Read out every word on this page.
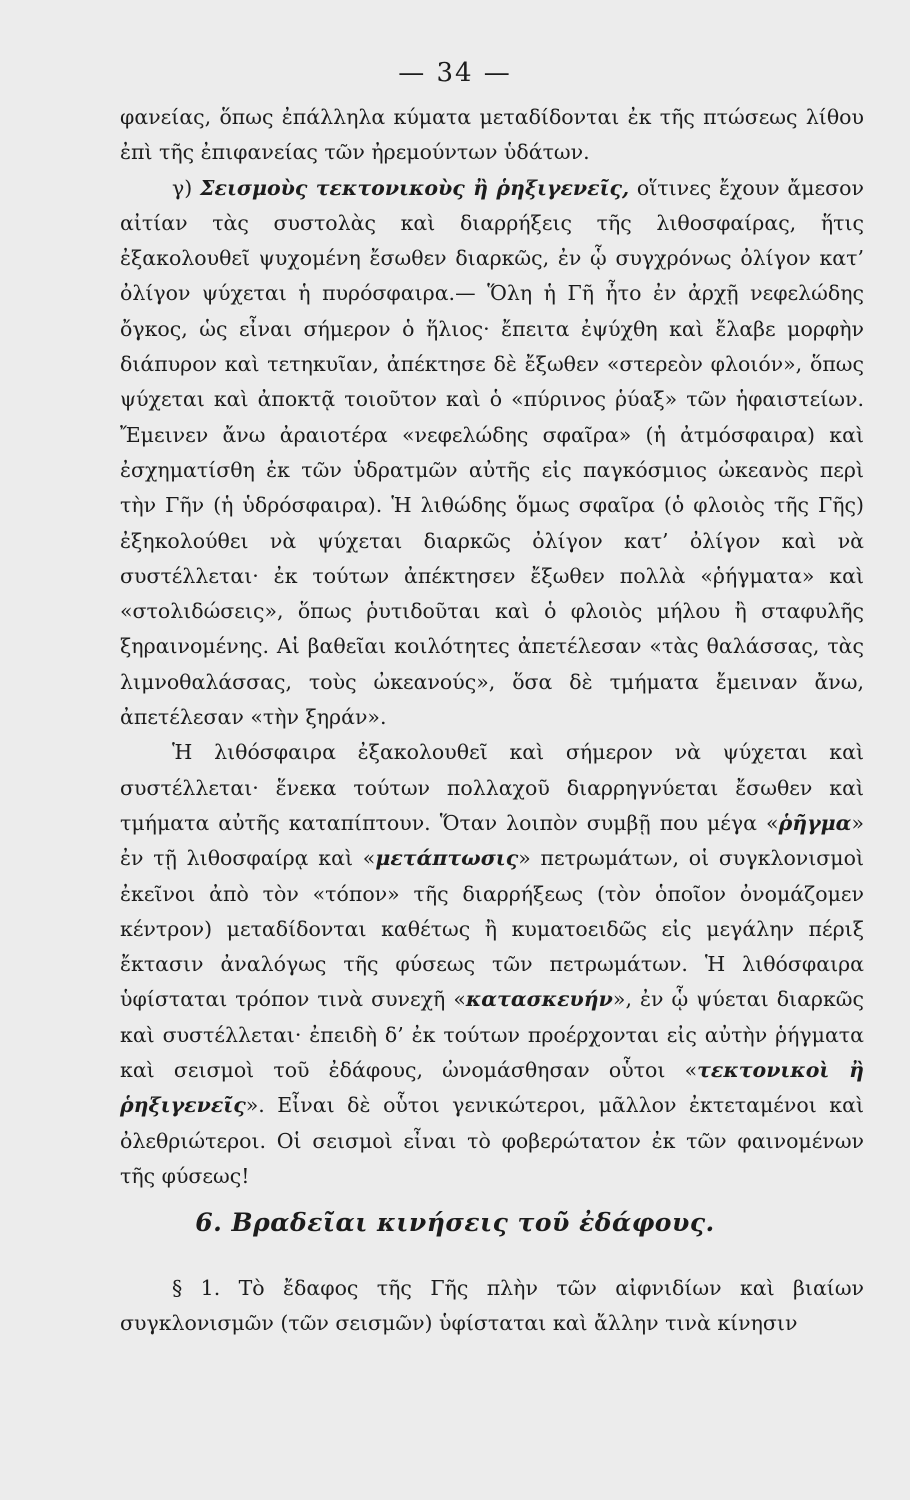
— 34 —

φανείας, ὅπως ἐπάλληλα κύματα μεταδίδονται ἐκ τῆς πτώσεως λίθου ἐπὶ τῆς ἐπιφανείας τῶν ἠρεμούντων ὑδάτων.

γ) Σεισμοὺς τεκτονικοὺς ἢ ῥηξιγενεῖς, οἵτινες ἔχουν ἄμεσον αἰτίαν τὰς συστολὰς καὶ διαρρήξεις τῆς λιθοσφαίρας, ἥτις ἐξακολουθεῖ ψυχομένη ἔσωθεν διαρκῶς, ἐν ᾧ συγχρόνως ὀλίγον κατ’ ὀλίγον ψύχεται ἡ πυρόσφαιρα.— Ὅλη ἡ Γῆ ἦτο ἐν ἀρχῇ νεφελώδης ὄγκος, ὡς εἶναι σήμερον ὁ ἥλιος· ἔπειτα ἐψύχθη καὶ ἔλαβε μορφὴν διάπυρον καὶ τετηκυῖαν, ἀπέκτησε δὲ ἔξωθεν «στερεὸν φλοιόν», ὅπως ψύχεται καὶ ἀποκτᾷ τοιοῦτον καὶ ὁ «πύρινος ῥύαξ» τῶν ἡφαιστείων. Ἔμεινεν ἄνω ἀραιοτέρα «νεφελώδης σφαῖρα» (ἡ ἀτμόσφαιρα) καὶ ἐσχηματίσθη ἐκ τῶν ὑδρατμῶν αὐτῆς εἰς παγκόσμιος ὠκεανὸς περὶ τὴν Γῆν (ἡ ὑδρόσφαιρα). Ἡ λιθώδης ὅμως σφαῖρα (ὁ φλοιὸς τῆς Γῆς) ἐξηκολούθει νὰ ψύχεται διαρκῶς ὀλίγον κατ’ ὀλίγον καὶ νὰ συστέλλεται· ἐκ τούτων ἀπέκτησεν ἔξωθεν πολλὰ «ῥήγματα» καὶ «στολιδώσεις», ὅπως ῥυτιδοῦται καὶ ὁ φλοιὸς μήλου ἢ σταφυλῆς ξηραινομένης. Αἱ βαθεῖαι κοιλότητες ἀπετέλεσαν «τὰς θαλάσσας, τὰς λιμνοθαλάσσας, τοὺς ὠκεανούς», ὅσα δὲ τμήματα ἔμειναν ἄνω, ἀπετέλεσαν «τὴν ξηράν».

Ἡ λιθόσφαιρα ἐξακολουθεῖ καὶ σήμερον νὰ ψύχεται καὶ συστέλλεται· ἕνεκα τούτων πολλαχοῦ διαρρηγνύεται ἔσωθεν καὶ τμήματα αὐτῆς καταπίπτουν. Ὅταν λοιπὸν συμβῇ που μέγα «ῥῆγμα» ἐν τῇ λιθοσφαίρᾳ καὶ «μετάπτωσις» πετρωμάτων, οἱ συγκλονισμοὶ ἐκεῖνοι ἀπὸ τὸν «τόπον» τῆς διαρρήξεως (τὸν ὁποῖον ὀνομάζομεν κέντρον) μεταδίδονται καθέτως ἢ κυματοειδῶς εἰς μεγάλην πέριξ ἔκτασιν ἀναλόγως τῆς φύσεως τῶν πετρωμάτων. Ἡ λιθόσφαιρα ὑφίσταται τρόπον τινὰ συνεχῆ «κατασκευήν», ἐν ᾧ ψύεται διαρκῶς καὶ συστέλλεται· ἐπειδὴ δ’ ἐκ τούτων προέρχονται εἰς αὐτὴν ῥήγματα καὶ σεισμοὶ τοῦ ἐδάφους, ὠνομάσθησαν οὗτοι «τεκτονικοὶ ἢ ῥηξιγενεῖς». Εἶναι δὲ οὗτοι γενικώτεροι, μᾶλλον ἐκτεταμένοι καὶ ὀλεθριώτεροι. Οἱ σεισμοὶ εἶναι τὸ φοβερώτατον ἐκ τῶν φαινομένων τῆς φύσεως!

6. Βραδεῖαι κινήσεις τοῦ ἐδάφους.

§ 1. Τὸ ἔδαφος τῆς Γῆς πλὴν τῶν αἰφνιδίων καὶ βιαίων συγκλονισμῶν (τῶν σεισμῶν) ὑφίσταται καὶ ἄλλην τινὰ κίνησιν
